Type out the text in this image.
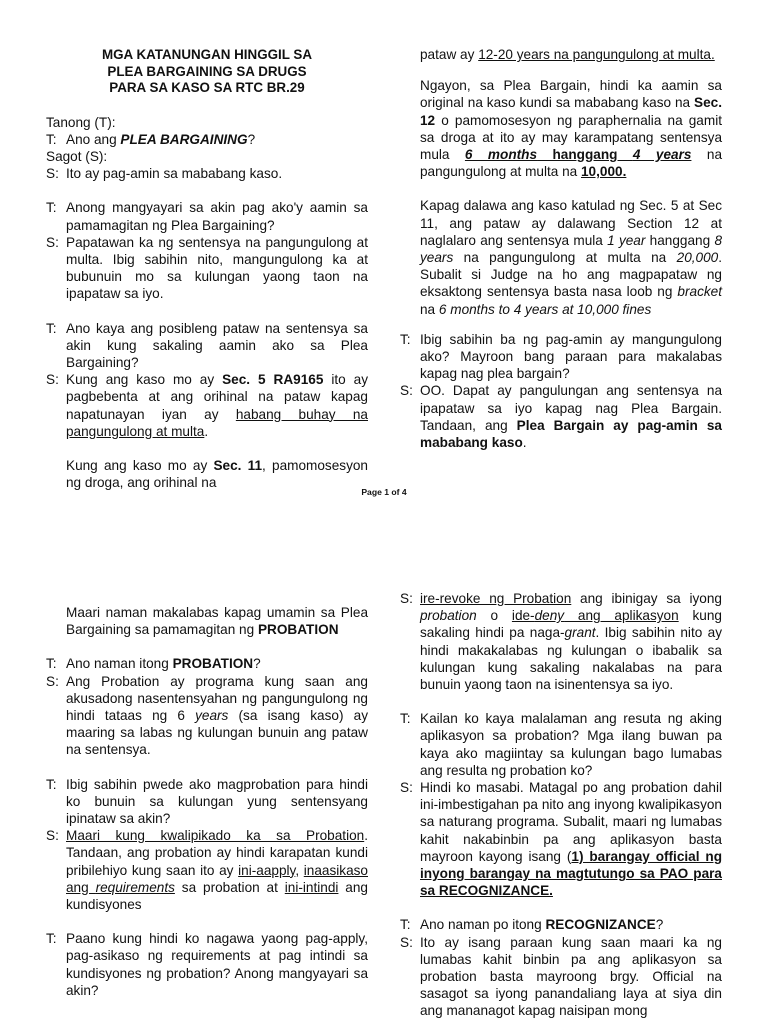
MGA KATANUNGAN HINGGIL SA
PLEA BARGAINING SA DRUGS
PARA SA KASO SA RTC BR.29

Tanong (T):

T: Ano ang PLEA BARGAINING?

Sagot (S):

S: Ito ay pag-amin sa mababang kaso.
T: Anong mangyayari sa akin pag ako'y aamin sa pamamagitan ng Plea Bargaining?
S: Papatawan ka ng sentensya na pangungulong at multa. Ibig sabihin nito, mangungulong ka at bubunuin mo sa kulungan yaong taon na ipapataw sa iyo.
T: Ano kaya ang posibleng pataw na sentensya sa akin kung sakaling aamin ako sa Plea Bargaining?
S: Kung ang kaso mo ay Sec. 5 RA9165 ito ay pagbebenta at ang orihinal na pataw kapag napatunayan iyan ay habang buhay na pangungulong at multa.

Kung ang kaso mo ay Sec. 11, pamomosesyon ng droga, ang orihinal na

pataw ay 12-20 years na pangungulong at multa.

Ngayon, sa Plea Bargain, hindi ka aamin sa original na kaso kundi sa mababang kaso na Sec. 12 o pamomosesyon ng paraphernalia na gamit sa droga at ito ay may karampatang sentensya mula 6 months hanggang 4 years na pangungulong at multa na 10,000.

Kapag dalawa ang kaso katulad ng Sec. 5 at Sec 11, ang pataw ay dalawang Section 12 at naglalaro ang sentensya mula 1 year hanggang 8 years na pangungulong at multa na 20,000. Subalit si Judge na ho ang magpapataw ng eksaktong sentensya basta nasa loob ng bracket na 6 months to 4 years at 10,000 fines

T: Ibig sabihin ba ng pag-amin ay mangungulong ako? Mayroon bang paraan para makalabas kapag nag plea bargain?
S: OO. Dapat ay pangulungan ang sentensya na ipapataw sa iyo kapag nag Plea Bargain. Tandaan, ang Plea Bargain ay pag-amin sa mababang kaso.
Page 1 of 4

Maari naman makalabas kapag umamin sa Plea Bargaining sa pamamagitan ng PROBATION

T: Ano naman itong PROBATION?
S: Ang Probation ay programa kung saan ang akusadong nasentensyahan ng pangungulong ng hindi tataas ng 6 years (sa isang kaso) ay maaring sa labas ng kulungan bunuin ang pataw na sentensya.
T: Ibig sabihin pwede ako magprobation para hindi ko bunuin sa kulungan yung sentensyang ipinataw sa akin?
S: Maari kung kwalipikado ka sa Probation. Tandaan, ang probation ay hindi karapatan kundi pribilehiyo kung saan ito ay ini-aapply, inaasikaso ang requirements sa probation at ini-intindi ang kundisyones
T: Paano kung hindi ko nagawa yaong pag-apply, pag-asikaso ng requirements at pag intindi sa kundisyones ng probation? Anong mangyayari sa akin?
S: ire-revoke ng Probation ang ibinigay sa iyong probation o ide-deny ang aplikasyon kung sakaling hindi pa naga-grant. Ibig sabihin nito ay hindi makakalabas ng kulungan o ibabalik sa kulungan kung sakaling nakalabas na para bunuin yaong taon na isinentensya sa iyo.
T: Kailan ko kaya malalaman ang resuta ng aking aplikasyon sa probation? Mga ilang buwan pa kaya ako magiintay sa kulungan bago lumabas ang resulta ng probation ko?
S: Hindi ko masabi. Matagal po ang probation dahil ini-imbestigahan pa nito ang inyong kwalipikasyon sa naturang programa. Subalit, maari ng lumabas kahit nakabinbin pa ang aplikasyon basta mayroon kayong isang (1) barangay official ng inyong barangay na magtutungo sa PAO para sa RECOGNIZANCE.
T: Ano naman po itong RECOGNIZANCE?
S: Ito ay isang paraan kung saan maari ka ng lumabas kahit binbin pa ang aplikasyon sa probation basta mayroong brgy. Official na sasagot sa iyong panandaliang laya at siya din ang mananagot kapag naisipan mong
